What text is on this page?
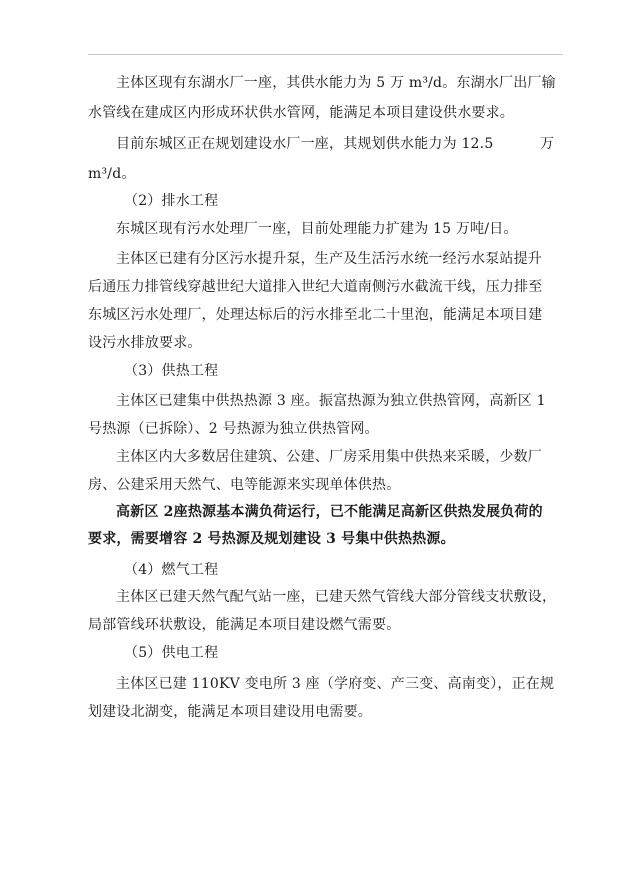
主体区现有东湖水厂一座，其供水能力为 5 万 m³/d。东湖水厂出厂输
水管线在建成区内形成环状供水管网，能满足本项目建设供水要求。
目前东城区正在规划建设水厂一座，其规划供水能力为 12.5	万
m³/d。
（2）排水工程
东城区现有污水处理厂一座，目前处理能力扩建为 15 万吨/日。
主体区已建有分区污水提升泵，生产及生活污水统一经污水泵站提升
后通压力排管线穿越世纪大道排入世纪大道南侧污水截流干线，压力排至
东城区污水处理厂，处理达标后的污水排至北二十里泡，能满足本项目建
设污水排放要求。
（3）供热工程
主体区已建集中供热热源 3 座。振富热源为独立供热管网，高新区 1
号热源（已拆除）、2 号热源为独立供热管网。
主体区内大多数居住建筑、公建、厂房采用集中供热来采暖，少数厂
房、公建采用天然气、电等能源来实现单体供热。
高新区 2座热源基本满负荷运行，已不能满足高新区供热发展负荷的
要求，需要增容 2 号热源及规划建设 3 号集中供热热源。
（4）燃气工程
主体区已建天然气配气站一座，已建天然气管线大部分管线支状敷设，
局部管线环状敷设，能满足本项目建设燃气需要。
（5）供电工程
主体区已建 110KV 变电所 3 座（学府变、产三变、高南变），正在规
划建设北湖变，能满足本项目建设用电需要。
